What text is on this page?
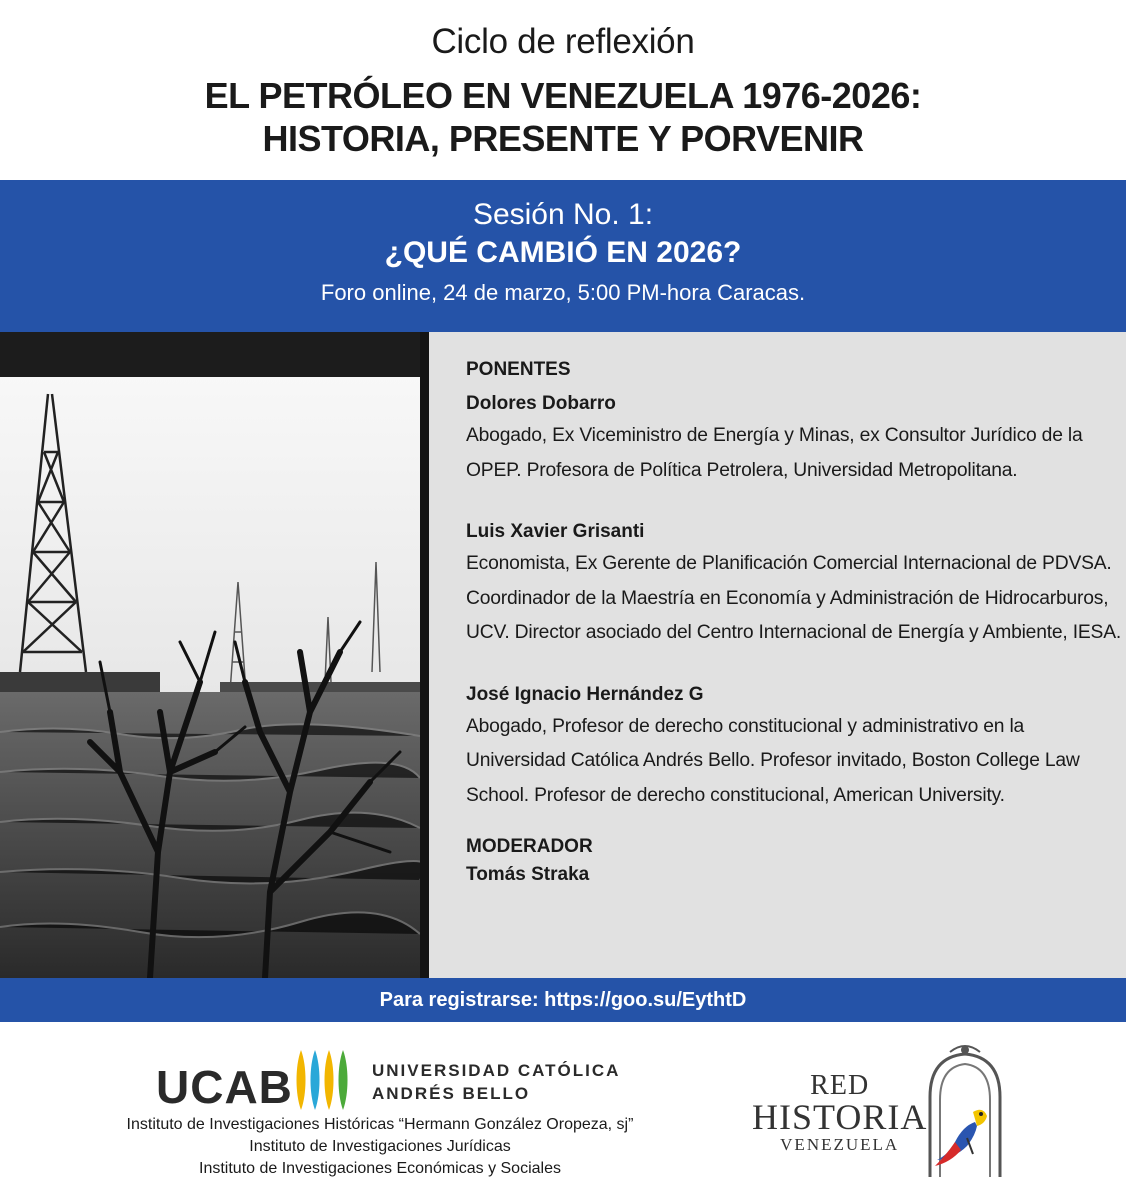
Ciclo de reflexión
EL PETRÓLEO EN VENEZUELA 1976-2026:
HISTORIA, PRESENTE Y PORVENIR
Sesión No. 1:
¿QUÉ CAMBIÓ EN 2026?
Foro online, 24 de marzo, 5:00 PM-hora Caracas.
PONENTES
Dolores Dobarro
Abogado, Ex Viceministro de Energía y Minas, ex Consultor Jurídico de la OPEP. Profesora de Política Petrolera, Universidad Metropolitana.
Luis Xavier Grisanti
Economista, Ex Gerente de Planificación Comercial Internacional de PDVSA. Coordinador de la Maestría en Economía y Administración de Hidrocarburos, UCV. Director asociado del Centro Internacional de Energía y Ambiente, IESA.
José Ignacio Hernández G
Abogado, Profesor de derecho constitucional y administrativo en la Universidad Católica Andrés Bello. Profesor invitado, Boston College Law School. Profesor de derecho constitucional, American University.
MODERADOR
Tomás Straka
Para registrarse: https://goo.su/EythtD
UCAB	UNIVERSIDAD CATÓLICA
ANDRÉS BELLO
Instituto de Investigaciones Históricas “Hermann González Oropeza, sj”
Instituto de Investigaciones Jurídicas
Instituto de Investigaciones Económicas y Sociales
RED
HISTORIA
VENEZUELA
